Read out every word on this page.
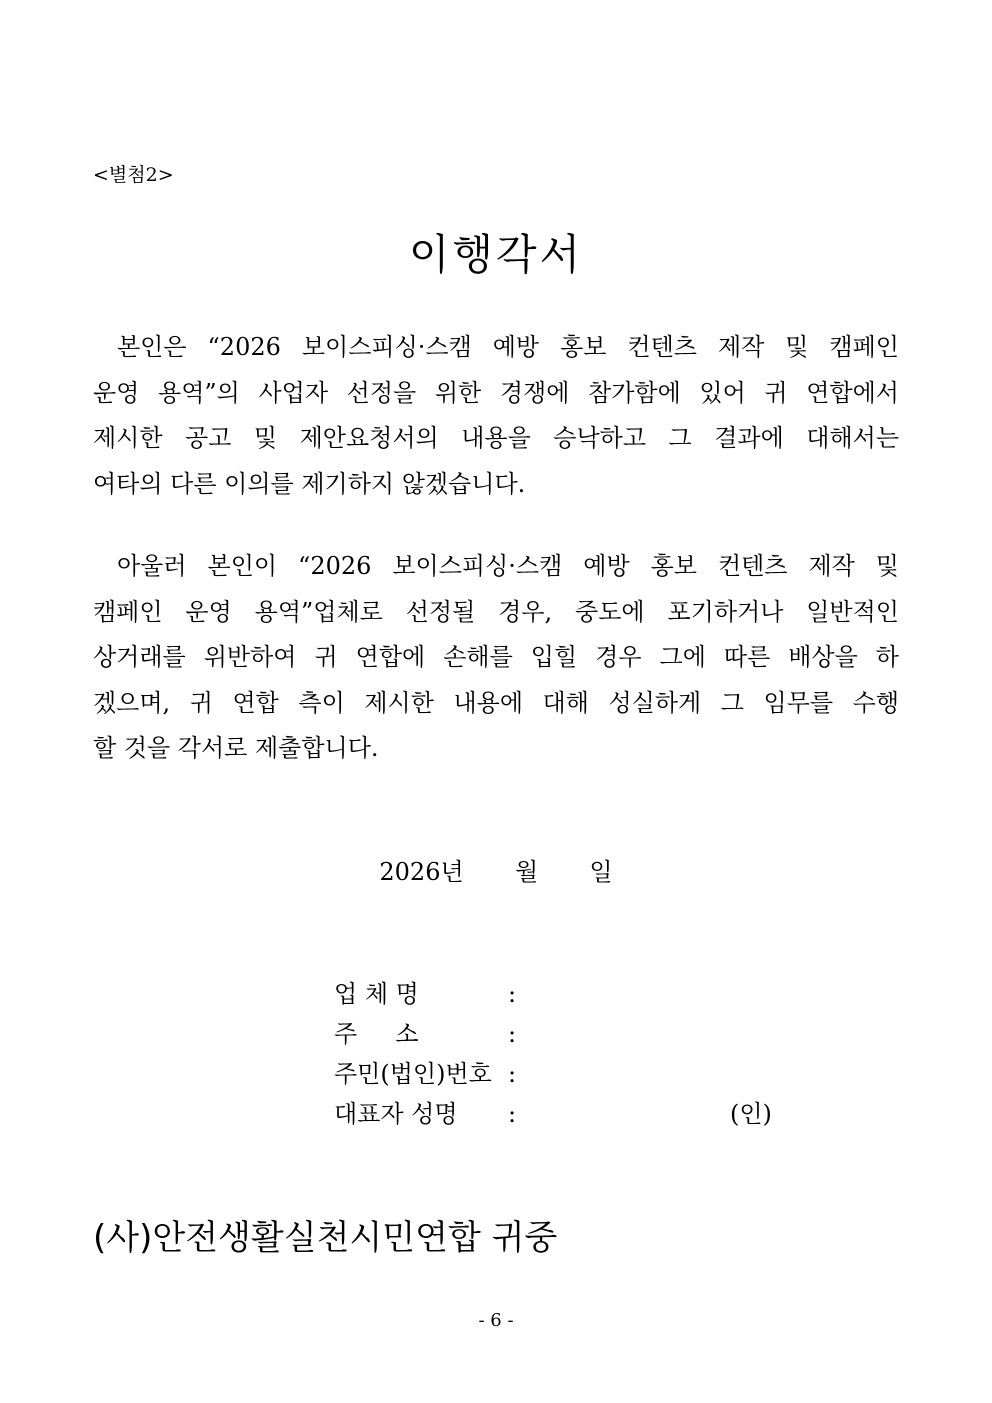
<별첨2>
이행각서
본인은 “2026 보이스피싱·스캠 예방 홍보 컨텐츠 제작 및 캠페인
운영 용역”의 사업자 선정을 위한 경쟁에 참가함에 있어 귀 연합에서
제시한 공고 및 제안요청서의 내용을 승낙하고 그 결과에 대해서는
여타의 다른 이의를 제기하지 않겠습니다.
아울러 본인이 “2026 보이스피싱·스캠 예방 홍보 컨텐츠 제작 및
캠페인 운영 용역”업체로 선정될 경우, 중도에 포기하거나 일반적인
상거래를 위반하여 귀 연합에 손해를 입힐 경우 그에 따른 배상을 하
겠으며, 귀 연합 측이 제시한 내용에 대해 성실하게 그 임무를 수행
할 것을 각서로 제출합니다.
2026년 월 일
업 체 명	:
주     소	:
주민(법인)번호 :
대표자 성명 :	(인)
(사)안전생활실천시민연합 귀중
- 6 -
